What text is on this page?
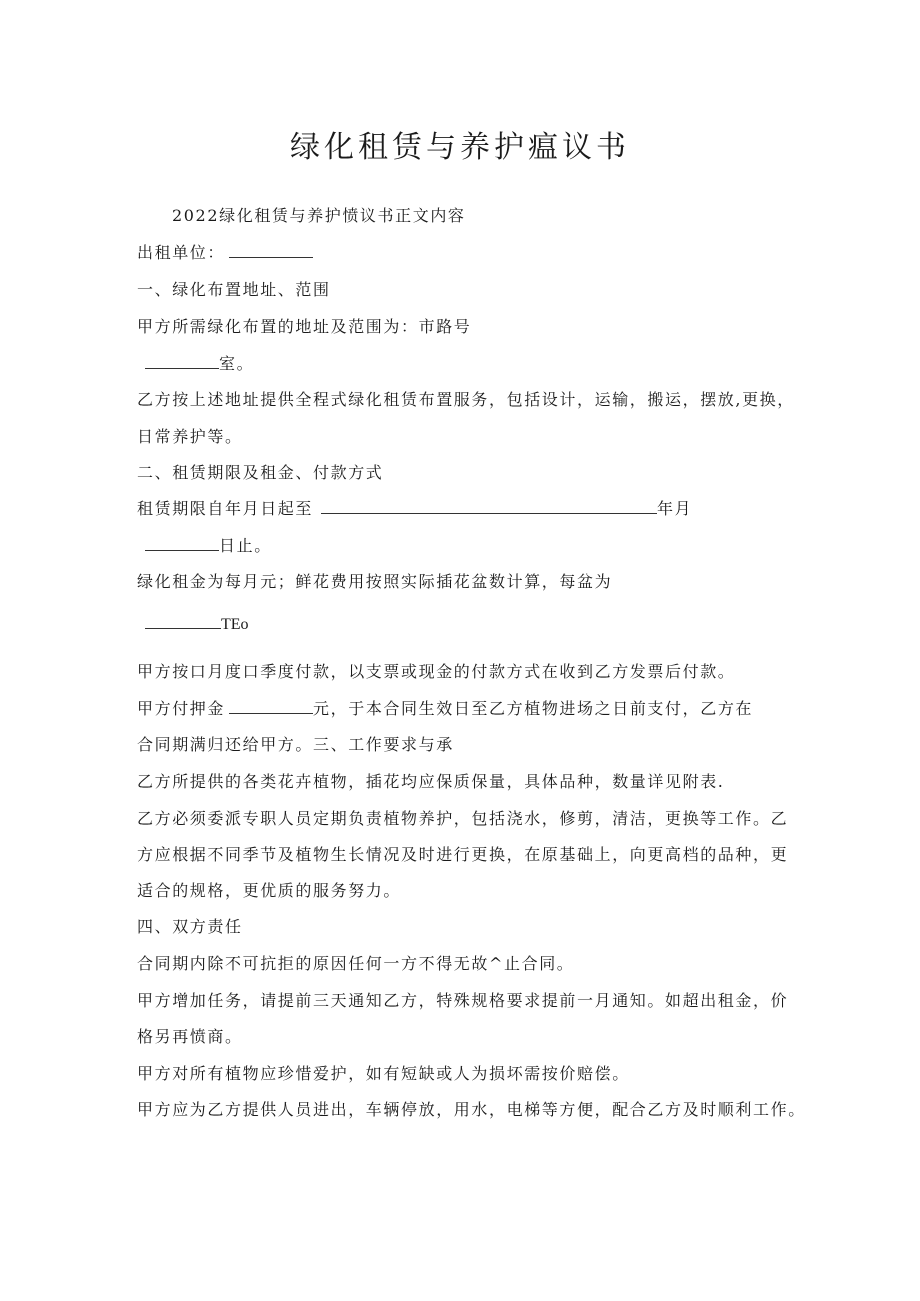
绿化租赁与养护瘟议书
2022绿化租赁与养护愤议书正文内容
出租单位：
一、绿化布置地址、范围
甲方所需绿化布置的地址及范围为：市路号
室。
乙方按上述地址提供全程式绿化租赁布置服务，包括设计，运输，搬运，摆放,更换，
日常养护等。
二、租赁期限及租金、付款方式
租赁期限自年月日起至	年月
日止。
绿化租金为每月元；鲜花费用按照实际插花盆数计算，每盆为
TEo
甲方按口月度口季度付款，以支票或现金的付款方式在收到乙方发票后付款。
甲方付押金	元，于本合同生效日至乙方植物进场之日前支付，乙方在
合同期满归还给甲方。三、工作要求与承
乙方所提供的各类花卉植物，插花均应保质保量，具体品种，数量详见附表.
乙方必须委派专职人员定期负责植物养护，包括浇水，修剪，清洁，更换等工作。乙
方应根据不同季节及植物生长情况及时进行更换，在原基础上，向更高档的品种，更
适合的规格，更优质的服务努力。
四、双方责任
合同期内除不可抗拒的原因任何一方不得无故^止合同。
甲方增加任务，请提前三天通知乙方，特殊规格要求提前一月通知。如超出租金，价
格另再愤商。
甲方对所有植物应珍惜爱护，如有短缺或人为损坏需按价赔偿。
甲方应为乙方提供人员进出，车辆停放，用水，电梯等方便，配合乙方及时顺利工作。
